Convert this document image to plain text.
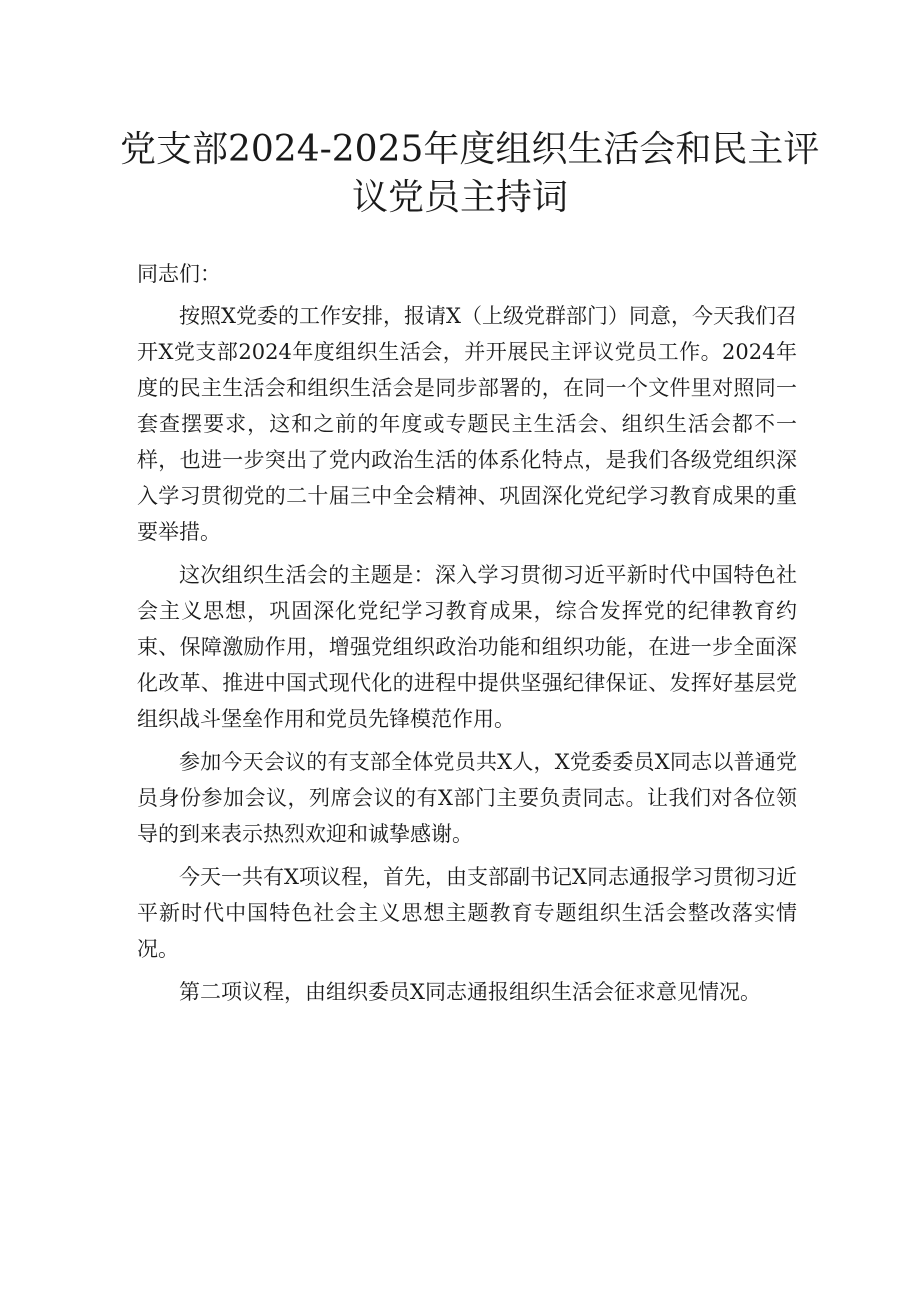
党支部2024-2025年度组织生活会和民主评
议党员主持词

同志们：

按照X党委的工作安排，报请X（上级党群部门）同意，今天我们召开X党支部2024年度组织生活会，并开展民主评议党员工作。2024年度的民主生活会和组织生活会是同步部署的，在同一个文件里对照同一套查摆要求，这和之前的年度或专题民主生活会、组织生活会都不一样，也进一步突出了党内政治生活的体系化特点，是我们各级党组织深入学习贯彻党的二十届三中全会精神、巩固深化党纪学习教育成果的重要举措。

这次组织生活会的主题是：深入学习贯彻习近平新时代中国特色社会主义思想，巩固深化党纪学习教育成果，综合发挥党的纪律教育约束、保障激励作用，增强党组织政治功能和组织功能，在进一步全面深化改革、推进中国式现代化的进程中提供坚强纪律保证、发挥好基层党组织战斗堡垒作用和党员先锋模范作用。

参加今天会议的有支部全体党员共X人，X党委委员X同志以普通党员身份参加会议，列席会议的有X部门主要负责同志。让我们对各位领导的到来表示热烈欢迎和诚挚感谢。

今天一共有X项议程，首先，由支部副书记X同志通报学习贯彻习近平新时代中国特色社会主义思想主题教育专题组织生活会整改落实情况。

第二项议程，由组织委员X同志通报组织生活会征求意见情况。
